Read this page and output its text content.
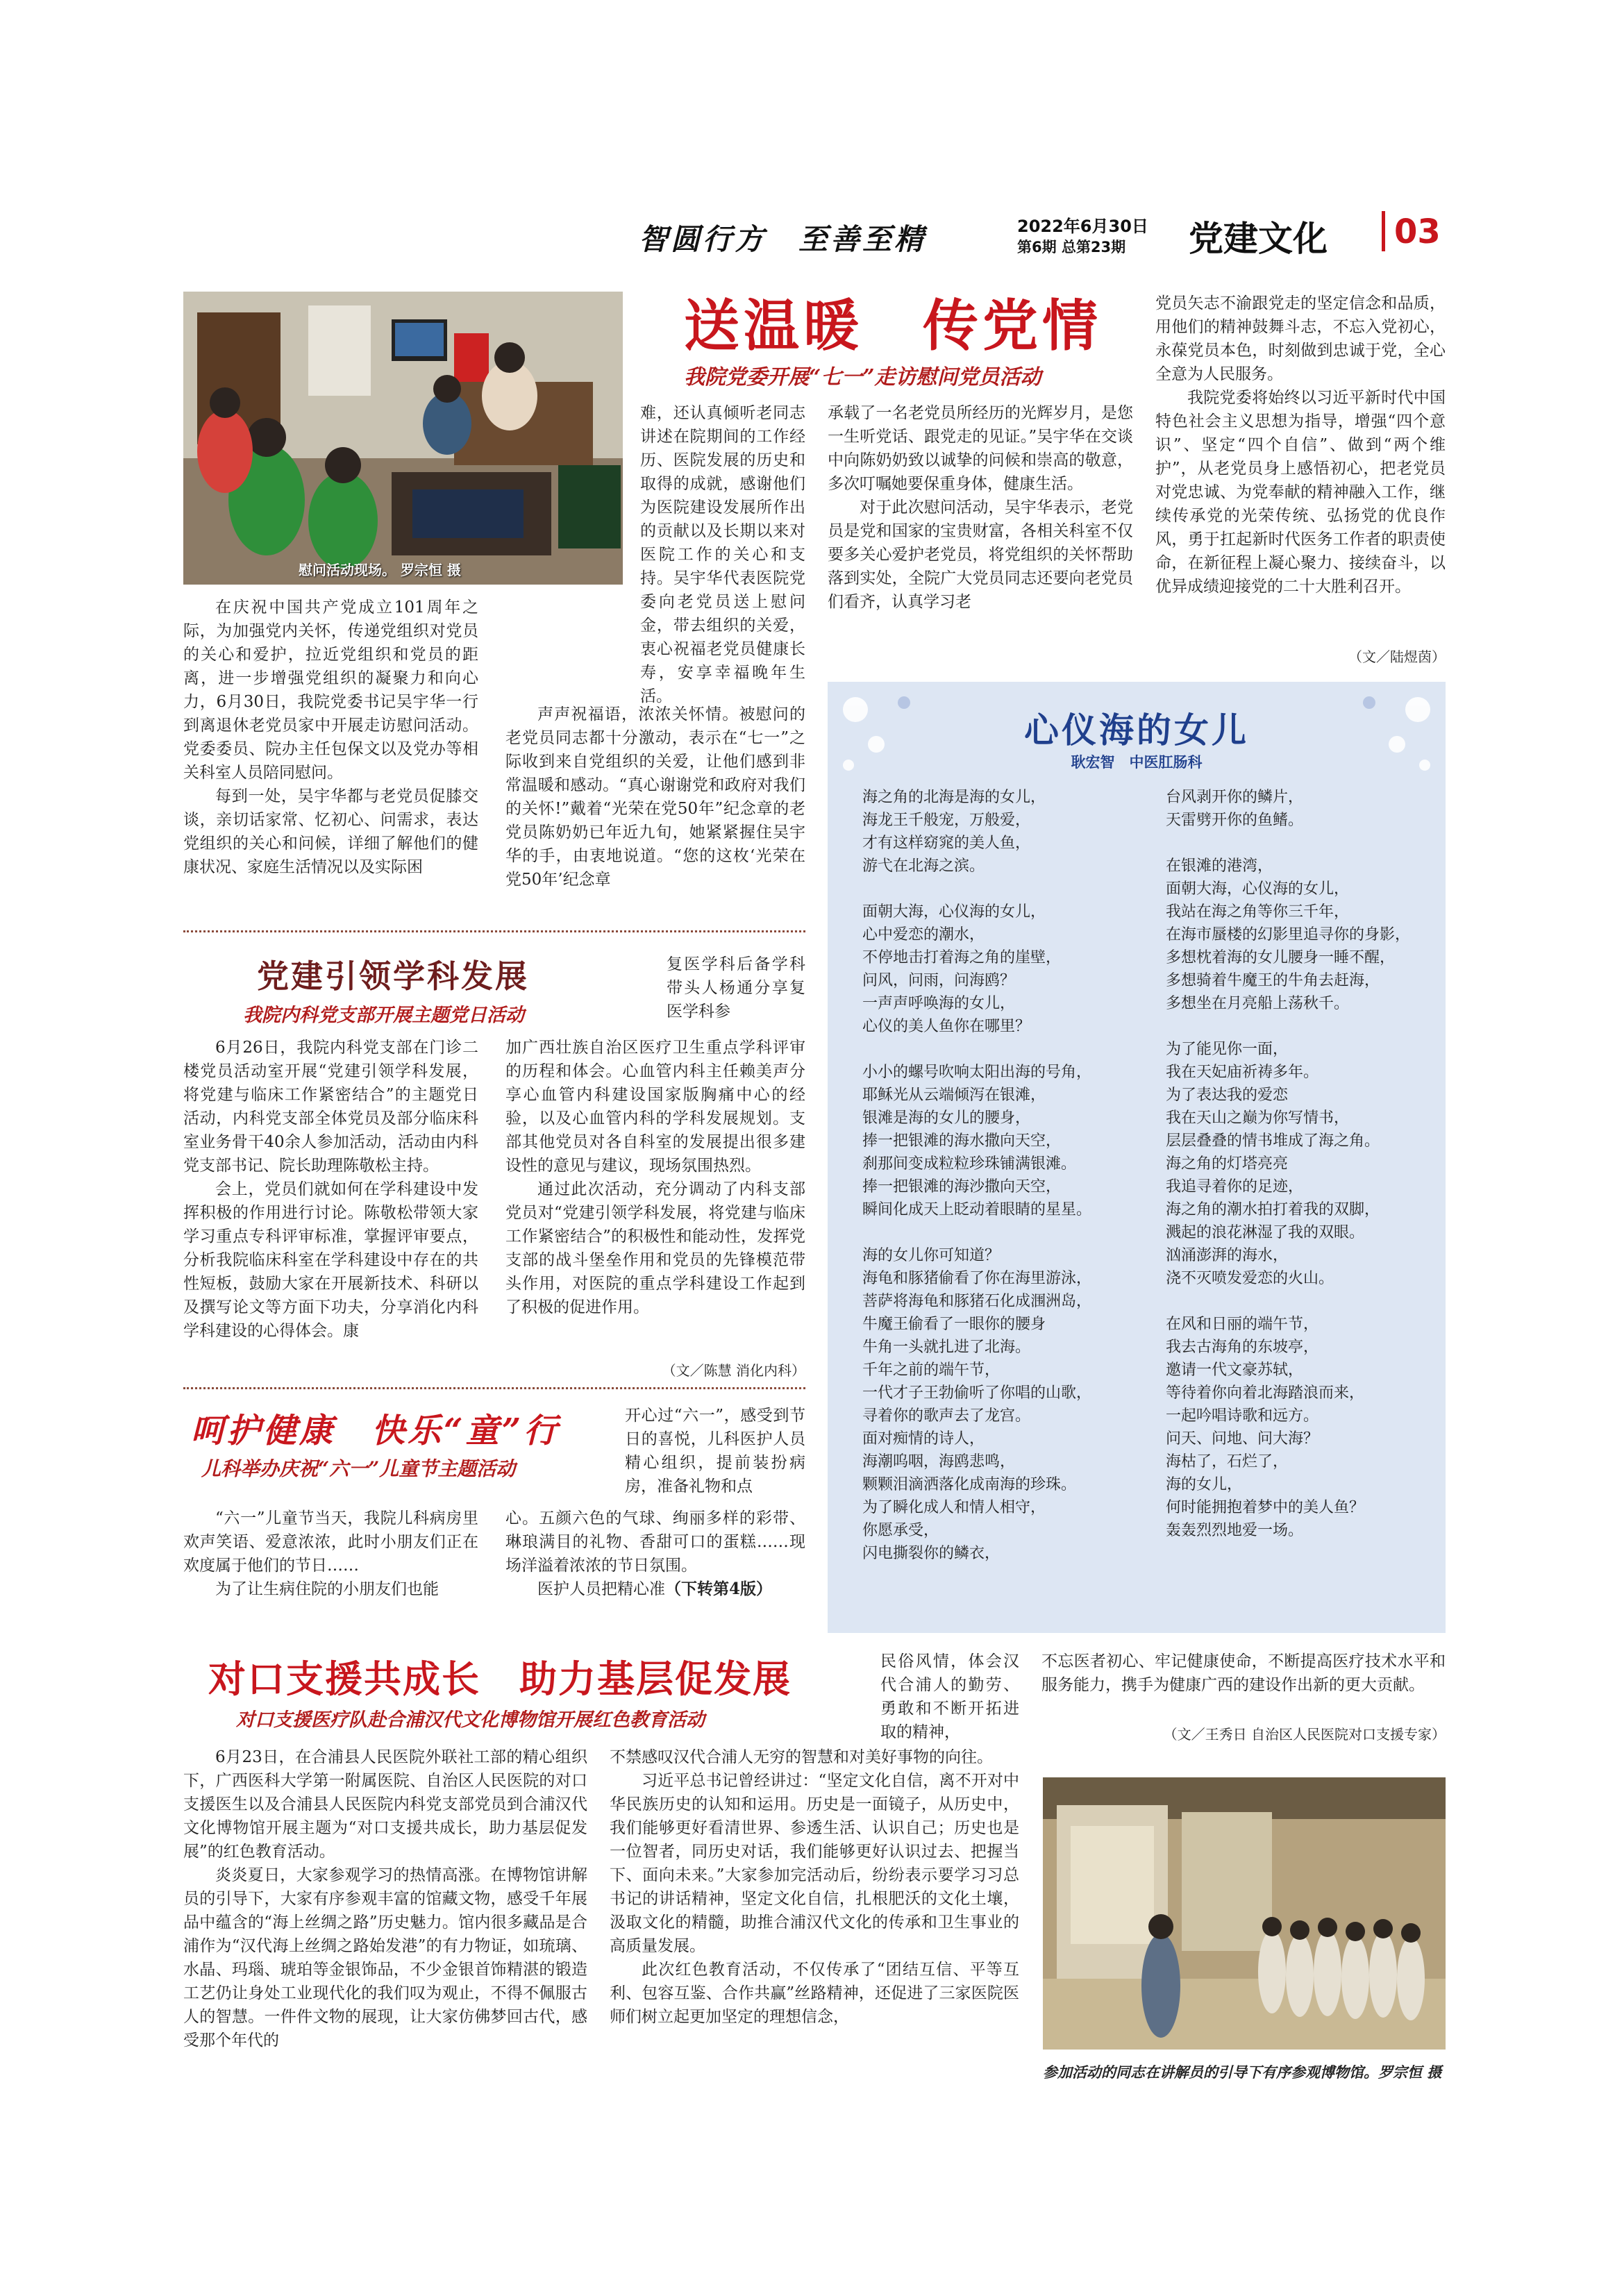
智圆行方　至善至精	2022年6月30日
第6期 总第23期 党建文化 03
慰问活动现场。 罗宗恒 摄
送温暖　传党情
我院党委开展“七一”走访慰问党员活动

难，还认真倾听老同志讲述在院期间的工作经历、医院发展的历史和取得的成就，感谢他们为医院建设发展所作出的贡献以及长期以来对医院工作的关心和支持。吴宇华代表医院党委向老党员送上慰问金，带去组织的关爱，衷心祝福老党员健康长寿，安享幸福晚年生活。

在庆祝中国共产党成立101周年之际，为加强党内关怀，传递党组织对党员的关心和爱护，拉近党组织和党员的距离，进一步增强党组织的凝聚力和向心力，6月30日，我院党委书记吴宇华一行到离退休老党员家中开展走访慰问活动。党委委员、院办主任包保文以及党办等相关科室人员陪同慰问。

每到一处，吴宇华都与老党员促膝交谈，亲切话家常、忆初心、问需求，表达党组织的关心和问候，详细了解他们的健康状况、家庭生活情况以及实际困

声声祝福语，浓浓关怀情。被慰问的老党员同志都十分激动，表示在“七一”之际收到来自党组织的关爱，让他们感到非常温暖和感动。“真心谢谢党和政府对我们的关怀!”戴着“光荣在党50年”纪念章的老党员陈奶奶已年近九旬，她紧紧握住吴宇华的手，由衷地说道。“您的这枚‘光荣在党50年’纪念章

承载了一名老党员所经历的光辉岁月，是您一生听党话、跟党走的见证。”吴宇华在交谈中向陈奶奶致以诚挚的问候和崇高的敬意，多次叮嘱她要保重身体，健康生活。

对于此次慰问活动，吴宇华表示，老党员是党和国家的宝贵财富，各相关科室不仅要多关心爱护老党员，将党组织的关怀帮助落到实处，全院广大党员同志还要向老党员们看齐，认真学习老

党员矢志不渝跟党走的坚定信念和品质，用他们的精神鼓舞斗志，不忘入党初心，永葆党员本色，时刻做到忠诚于党，全心全意为人民服务。

我院党委将始终以习近平新时代中国特色社会主义思想为指导，增强“四个意识”、坚定“四个自信”、做到“两个维护”，从老党员身上感悟初心，把老党员对党忠诚、为党奉献的精神融入工作，继续传承党的光荣传统、弘扬党的优良作风，勇于扛起新时代医务工作者的职责使命，在新征程上凝心聚力、接续奋斗，以优异成绩迎接党的二十大胜利召开。

（文／陆煜茵）
党建引领学科发展
我院内科党支部开展主题党日活动

复医学科后备学科带头人杨通分享复医学科参

6月26日，我院内科党支部在门诊二楼党员活动室开展“党建引领学科发展，将党建与临床工作紧密结合”的主题党日活动，内科党支部全体党员及部分临床科室业务骨干40余人参加活动，活动由内科党支部书记、院长助理陈敬松主持。

会上，党员们就如何在学科建设中发挥积极的作用进行讨论。陈敬松带领大家学习重点专科评审标准，掌握评审要点，分析我院临床科室在学科建设中存在的共性短板，鼓励大家在开展新技术、科研以及撰写论文等方面下功夫，分享消化内科学科建设的心得体会。康

加广西壮族自治区医疗卫生重点学科评审的历程和体会。心血管内科主任赖美声分享心血管内科建设国家版胸痛中心的经验，以及心血管内科的学科发展规划。支部其他党员对各自科室的发展提出很多建设性的意见与建议，现场氛围热烈。

通过此次活动，充分调动了内科支部党员对“党建引领学科发展，将党建与临床工作紧密结合”的积极性和能动性，发挥党支部的战斗堡垒作用和党员的先锋模范带头作用，对医院的重点学科建设工作起到了积极的促进作用。

（文／陈慧 消化内科）
呵护健康　快乐“童”行
儿科举办庆祝“六一”儿童节主题活动

开心过“六一”，感受到节日的喜悦，儿科医护人员精心组织，提前装扮病房，准备礼物和点

“六一”儿童节当天，我院儿科病房里欢声笑语、爱意浓浓，此时小朋友们正在欢度属于他们的节日……

为了让生病住院的小朋友们也能

心。五颜六色的气球、绚丽多样的彩带、琳琅满目的礼物、香甜可口的蛋糕……现场洋溢着浓浓的节日氛围。

医护人员把精心准（下转第4版）

心仪海的女儿
耿宏智　中医肛肠科

海之角的北海是海的女儿，
海龙王千般宠，万般爱，
才有这样窈窕的美人鱼，
游弋在北海之滨。

面朝大海，心仪海的女儿，
心中爱恋的潮水，
不停地击打着海之角的崖壁，
问风，问雨，问海鸥？
一声声呼唤海的女儿，
心仪的美人鱼你在哪里？

小小的螺号吹响太阳出海的号角，
耶稣光从云端倾泻在银滩，
银滩是海的女儿的腰身，
捧一把银滩的海水撒向天空，
刹那间变成粒粒珍珠铺满银滩。
捧一把银滩的海沙撒向天空，
瞬间化成天上眨动着眼睛的星星。

海的女儿你可知道？
海龟和豚猪偷看了你在海里游泳，
菩萨将海龟和豚猪石化成涠洲岛，
牛魔王偷看了一眼你的腰身
牛角一头就扎进了北海。
千年之前的端午节，
一代才子王勃偷听了你唱的山歌，
寻着你的歌声去了龙宫。
面对痴情的诗人，
海潮呜咽，海鸥悲鸣，
颗颗泪滴洒落化成南海的珍珠。
为了瞬化成人和情人相守，
你愿承受，
闪电撕裂你的鳞衣，

台风剥开你的鳞片，
天雷劈开你的鱼鳍。

在银滩的港湾，
面朝大海，心仪海的女儿，
我站在海之角等你三千年，
在海市蜃楼的幻影里追寻你的身影，
多想枕着海的女儿腰身一睡不醒，
多想骑着牛魔王的牛角去赶海，
多想坐在月亮船上荡秋千。

为了能见你一面，
我在天妃庙祈祷多年。
为了表达我的爱恋
我在天山之巅为你写情书，
层层叠叠的情书堆成了海之角。
海之角的灯塔亮亮
我追寻着你的足迹，
海之角的潮水拍打着我的双脚，
溅起的浪花淋湿了我的双眼。
汹涌澎湃的海水，
浇不灭喷发爱恋的火山。

在风和日丽的端午节，
我去古海角的东坡亭，
邀请一代文豪苏轼，
等待着你向着北海踏浪而来，
一起吟唱诗歌和远方。
问天、问地、问大海？
海枯了，石烂了，
海的女儿，
何时能拥抱着梦中的美人鱼？
轰轰烈烈地爱一场。

对口支援共成长　助力基层促发展
对口支援医疗队赴合浦汉代文化博物馆开展红色教育活动

民俗风情，体会汉代合浦人的勤劳、勇敢和不断开拓进取的精神，

6月23日，在合浦县人民医院外联社工部的精心组织下，广西医科大学第一附属医院、自治区人民医院的对口支援医生以及合浦县人民医院内科党支部党员到合浦汉代文化博物馆开展主题为“对口支援共成长，助力基层促发展”的红色教育活动。

炎炎夏日，大家参观学习的热情高涨。在博物馆讲解员的引导下，大家有序参观丰富的馆藏文物，感受千年展品中蕴含的“海上丝绸之路”历史魅力。馆内很多藏品是合浦作为“汉代海上丝绸之路始发港”的有力物证，如琉璃、水晶、玛瑙、琥珀等金银饰品，不少金银首饰精湛的锻造工艺仍让身处工业现代化的我们叹为观止，不得不佩服古人的智慧。一件件文物的展现，让大家仿佛梦回古代，感受那个年代的

不禁感叹汉代合浦人无穷的智慧和对美好事物的向往。

习近平总书记曾经讲过：“坚定文化自信，离不开对中华民族历史的认知和运用。历史是一面镜子，从历史中，我们能够更好看清世界、参透生活、认识自己；历史也是一位智者，同历史对话，我们能够更好认识过去、把握当下、面向未来。”大家参加完活动后，纷纷表示要学习习总书记的讲话精神，坚定文化自信，扎根肥沃的文化土壤，汲取文化的精髓，助推合浦汉代文化的传承和卫生事业的高质量发展。

此次红色教育活动，不仅传承了“团结互信、平等互利、包容互鉴、合作共赢”丝路精神，还促进了三家医院医师们树立起更加坚定的理想信念，

不忘医者初心、牢记健康使命，不断提高医疗技术水平和服务能力，携手为健康广西的建设作出新的更大贡献。

（文／王秀日 自治区人民医院对口支援专家）
参加活动的同志在讲解员的引导下有序参观博物馆。罗宗恒 摄
